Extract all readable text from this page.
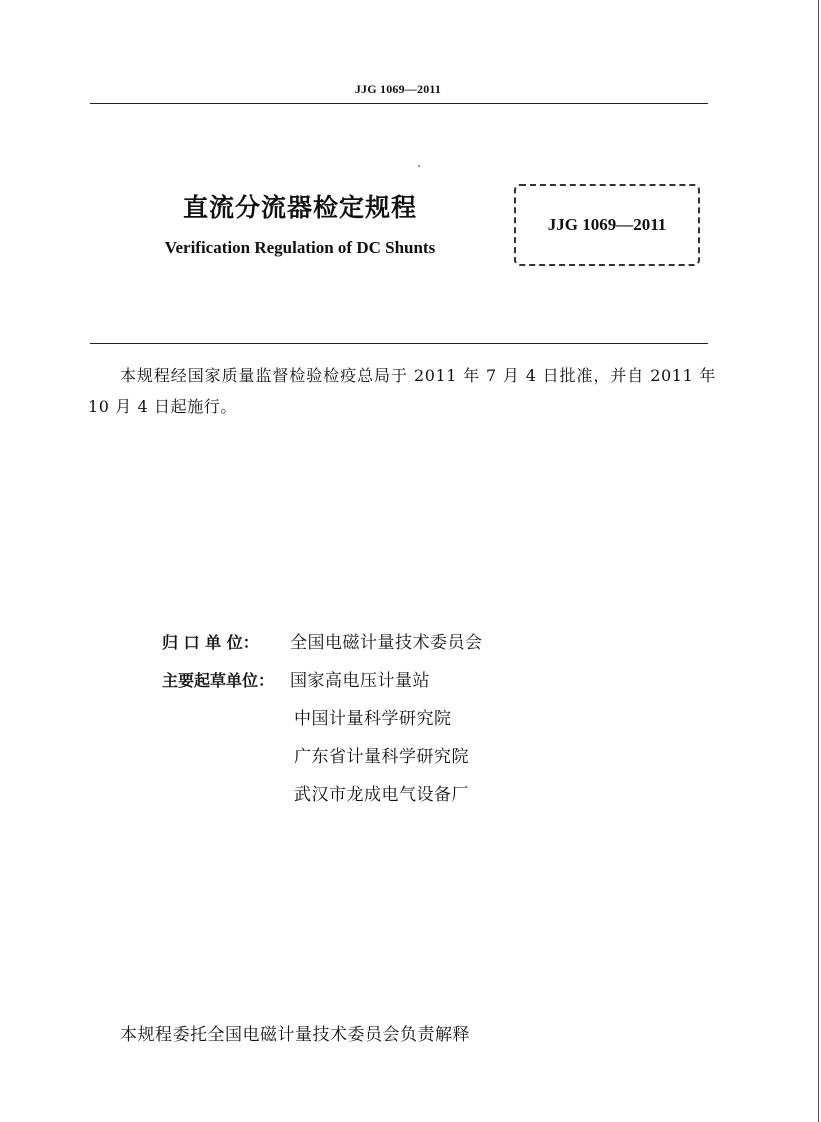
JJG 1069—2011
直流分流器检定规程
Verification Regulation of DC Shunts
JJG 1069—2011
本规程经国家质量监督检验检疫总局于 2011 年 7 月 4 日批准，并自 2011 年 10 月 4 日起施行。
归 口 单 位：	全国电磁计量技术委员会
主要起草单位： 国家高电压计量站
中国计量科学研究院
广东省计量科学研究院
武汉市龙成电气设备厂
本规程委托全国电磁计量技术委员会负责解释
